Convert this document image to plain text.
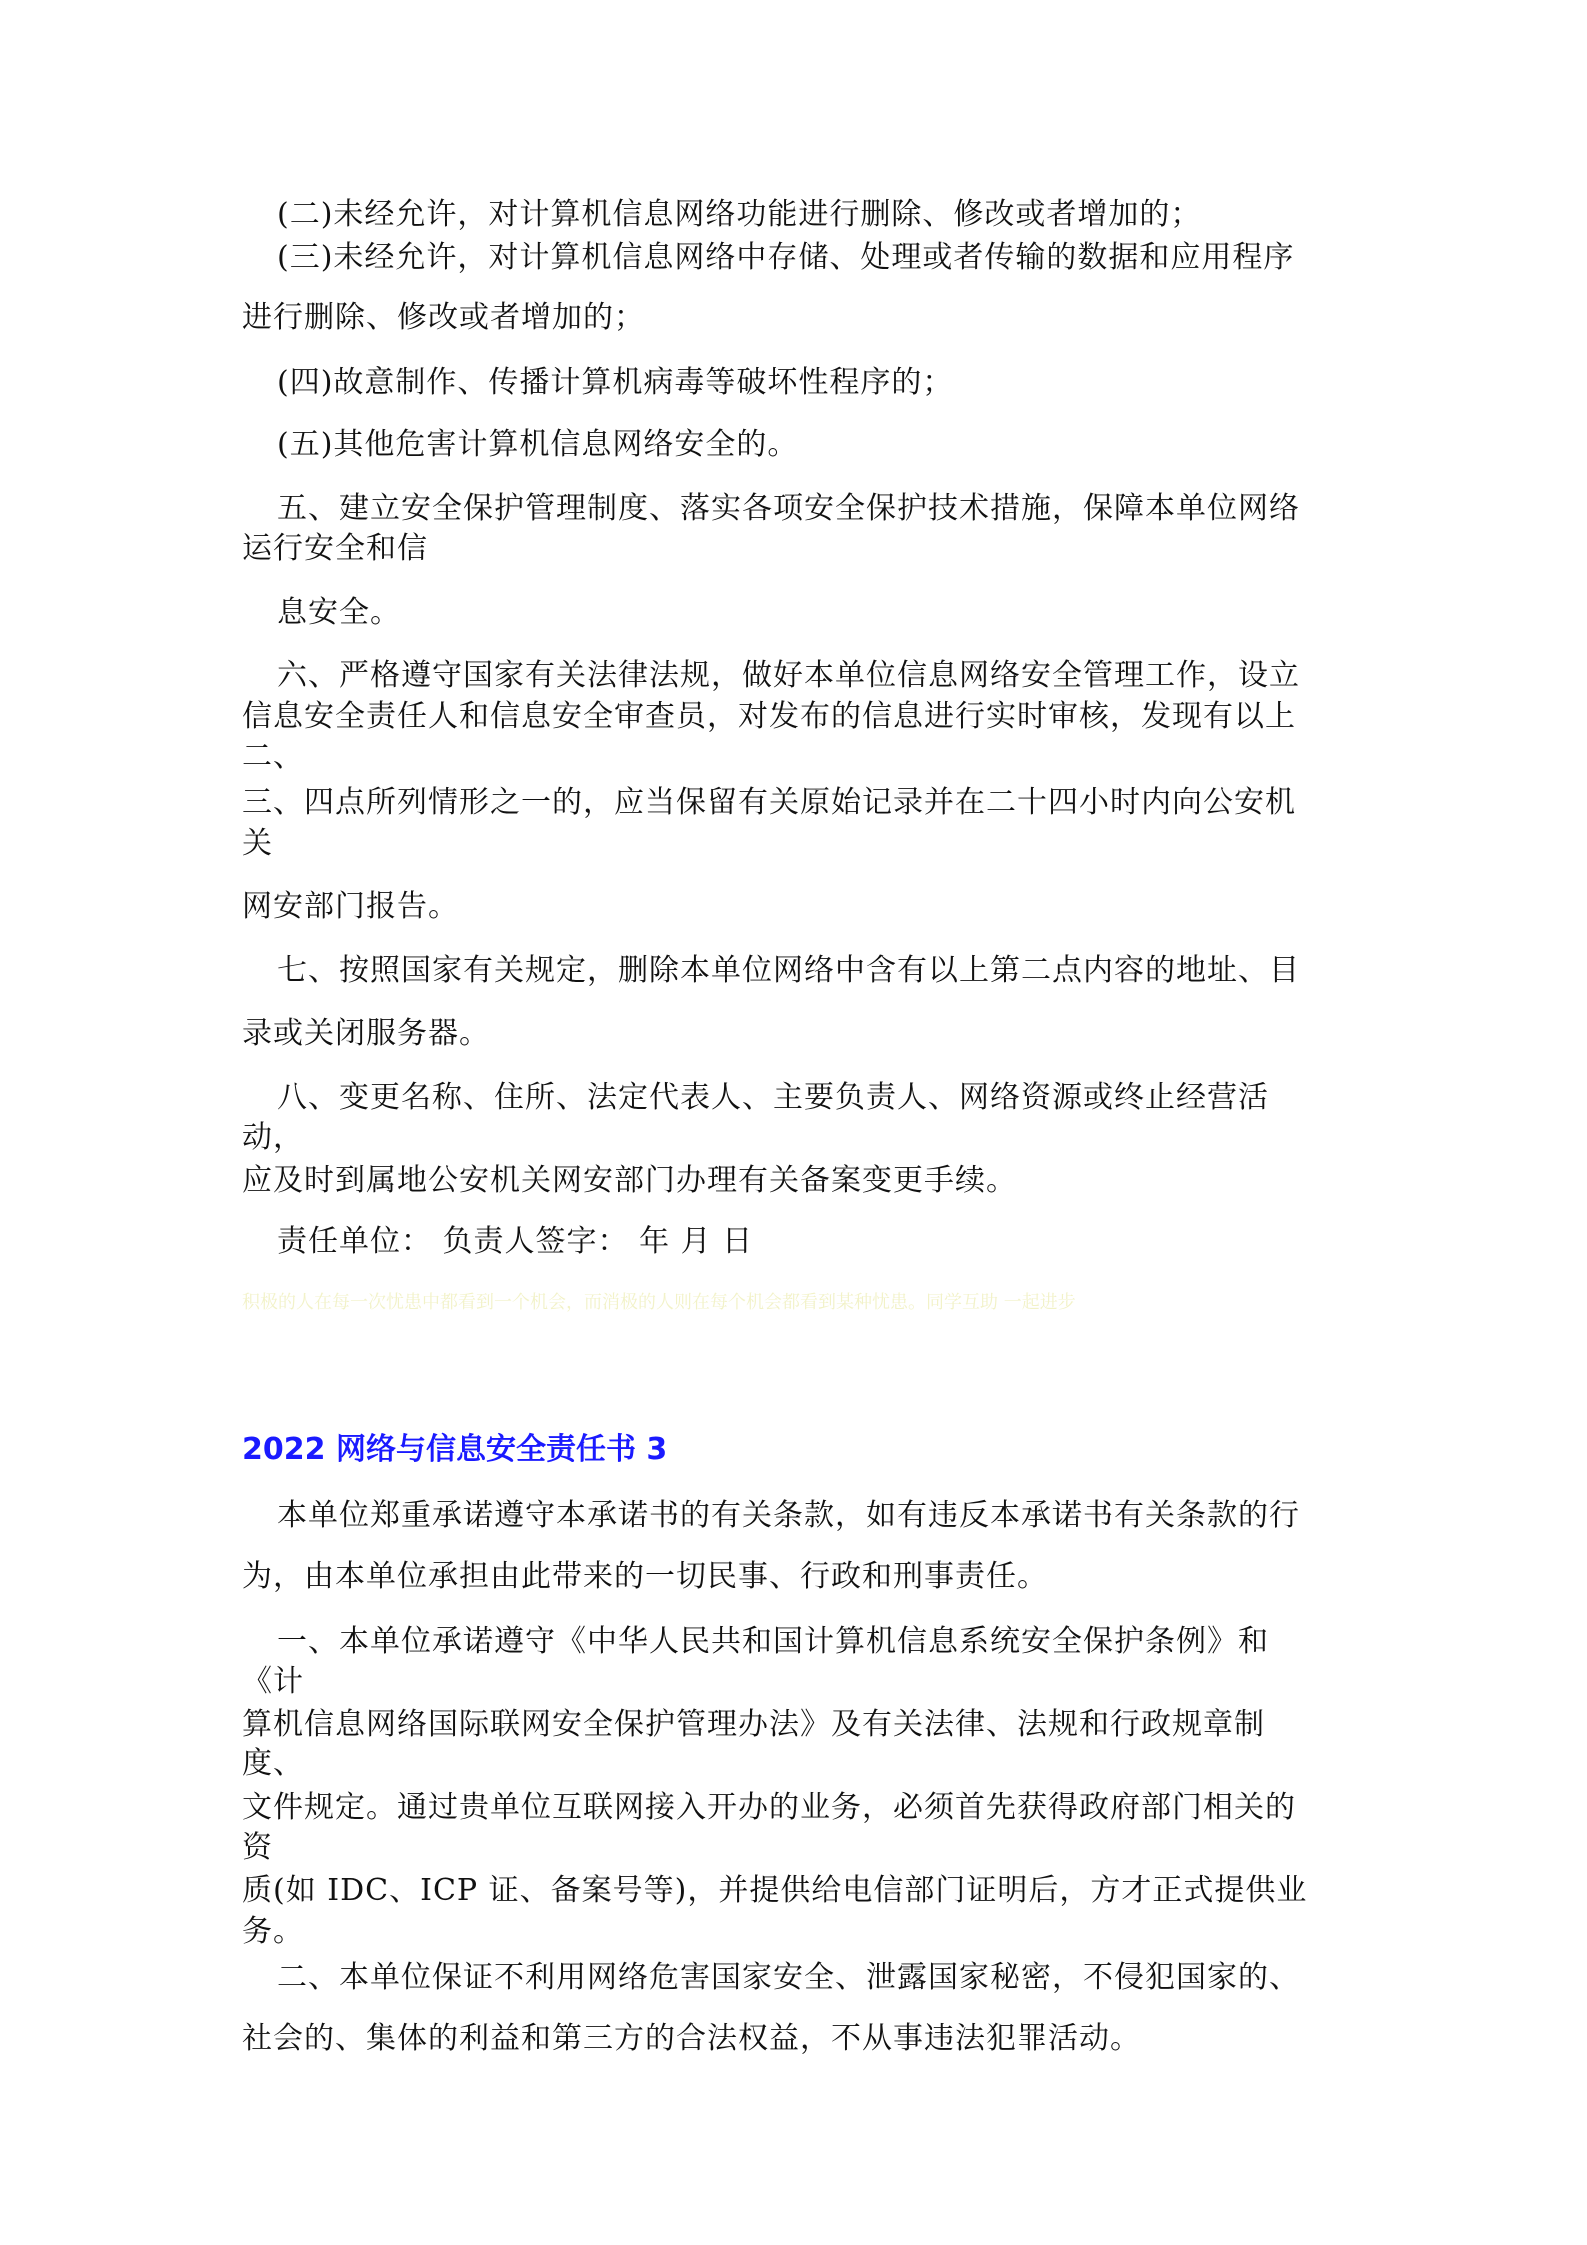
(二)未经允许，对计算机信息网络功能进行删除、修改或者增加的；
(三)未经允许，对计算机信息网络中存储、处理或者传输的数据和应用程序
进行删除、修改或者增加的；
(四)故意制作、传播计算机病毒等破坏性程序的；
(五)其他危害计算机信息网络安全的。
五、建立安全保护管理制度、落实各项安全保护技术措施，保障本单位网络
运行安全和信
息安全。
六、严格遵守国家有关法律法规，做好本单位信息网络安全管理工作，设立
信息安全责任人和信息安全审查员，对发布的信息进行实时审核，发现有以上
二、
三、四点所列情形之一的，应当保留有关原始记录并在二十四小时内向公安机
关
网安部门报告。
七、按照国家有关规定，删除本单位网络中含有以上第二点内容的地址、目
录或关闭服务器。
八、变更名称、住所、法定代表人、主要负责人、网络资源或终止经营活
动，
应及时到属地公安机关网安部门办理有关备案变更手续。
责任单位： 负责人签字： 年 月 日
积极的人在每一次忧患中都看到一个机会，而消极的人则在每个机会都看到某种忧患。同学互助 一起进步
2022 网络与信息安全责任书 3
本单位郑重承诺遵守本承诺书的有关条款，如有违反本承诺书有关条款的行
为，由本单位承担由此带来的一切民事、行政和刑事责任。
一、本单位承诺遵守《中华人民共和国计算机信息系统安全保护条例》和
《计
算机信息网络国际联网安全保护管理办法》及有关法律、法规和行政规章制
度、
文件规定。通过贵单位互联网接入开办的业务，必须首先获得政府部门相关的
资
质(如 IDC、ICP 证、备案号等)，并提供给电信部门证明后，方才正式提供业
务。
二、本单位保证不利用网络危害国家安全、泄露国家秘密，不侵犯国家的、
社会的、集体的利益和第三方的合法权益，不从事违法犯罪活动。
